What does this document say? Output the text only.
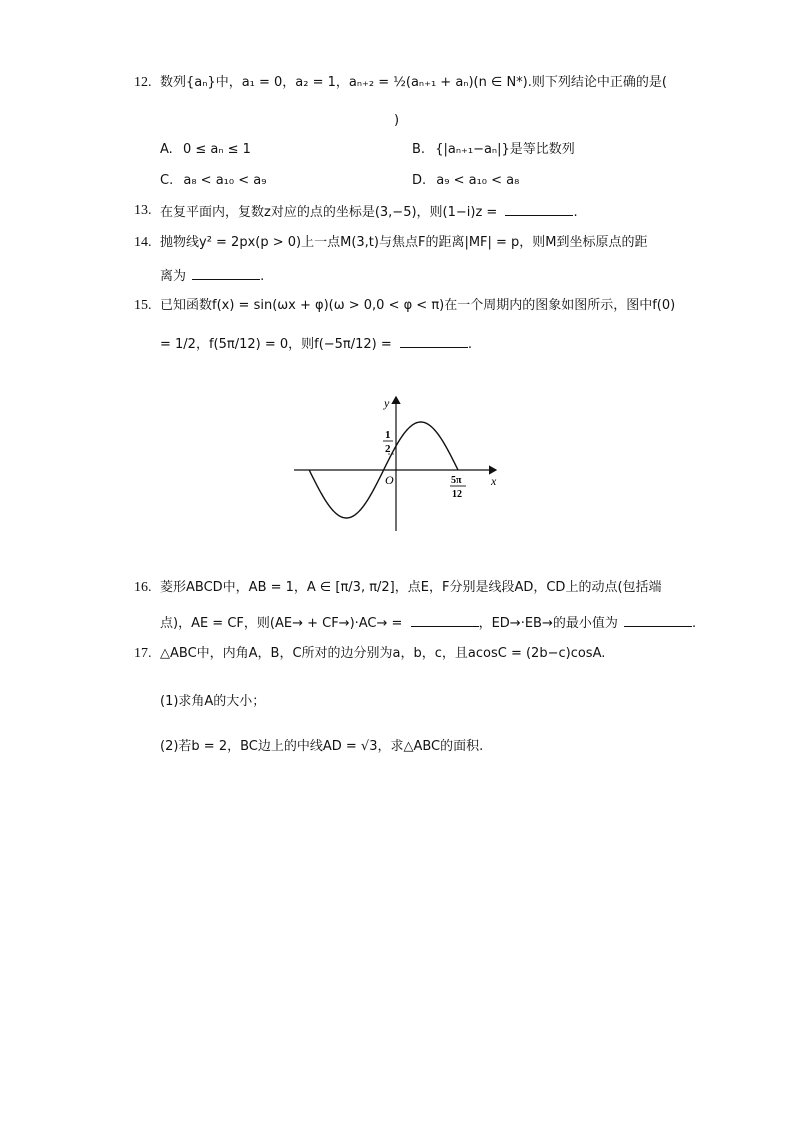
12. 数列{aₙ}中，a₁ = 0，a₂ = 1，aₙ₊₂ = ½(aₙ₊₁ + aₙ)(n ∈ N*).则下列结论中正确的是(
)
A. 0 ≤ aₙ ≤ 1	B. {|aₙ₊₁−aₙ|}是等比数列
C. a₈ < a₁₀ < a₉	D. a₉ < a₁₀ < a₈
13. 在复平面内，复数z对应的点的坐标是(3,−5)，则(1−i)z =	.
14. 抛物线y² = 2px(p > 0)上一点M(3,t)与焦点F的距离|MF| = p，则M到坐标原点的距
离为	.
15. 已知函数f(x) = sin(ωx + φ)(ω > 0,0 < φ < π)在一个周期内的图象如图所示，图中f(0)
= 1/2，f(5π/12) = 0，则f(−5π/12) =	.
y
x
O
1
2
5π
12
16. 菱形ABCD中，AB = 1，A ∈ [π/3, π/2]，点E，F分别是线段AD，CD上的动点(包括端
点)，AE = CF，则(AE→ + CF→)·AC→ =	，ED→·EB→的最小值为	.
17. △ABC中，内角A，B，C所对的边分别为a，b，c，且acosC = (2b−c)cosA.
(1)求角A的大小；
(2)若b = 2，BC边上的中线AD = √3，求△ABC的面积.
